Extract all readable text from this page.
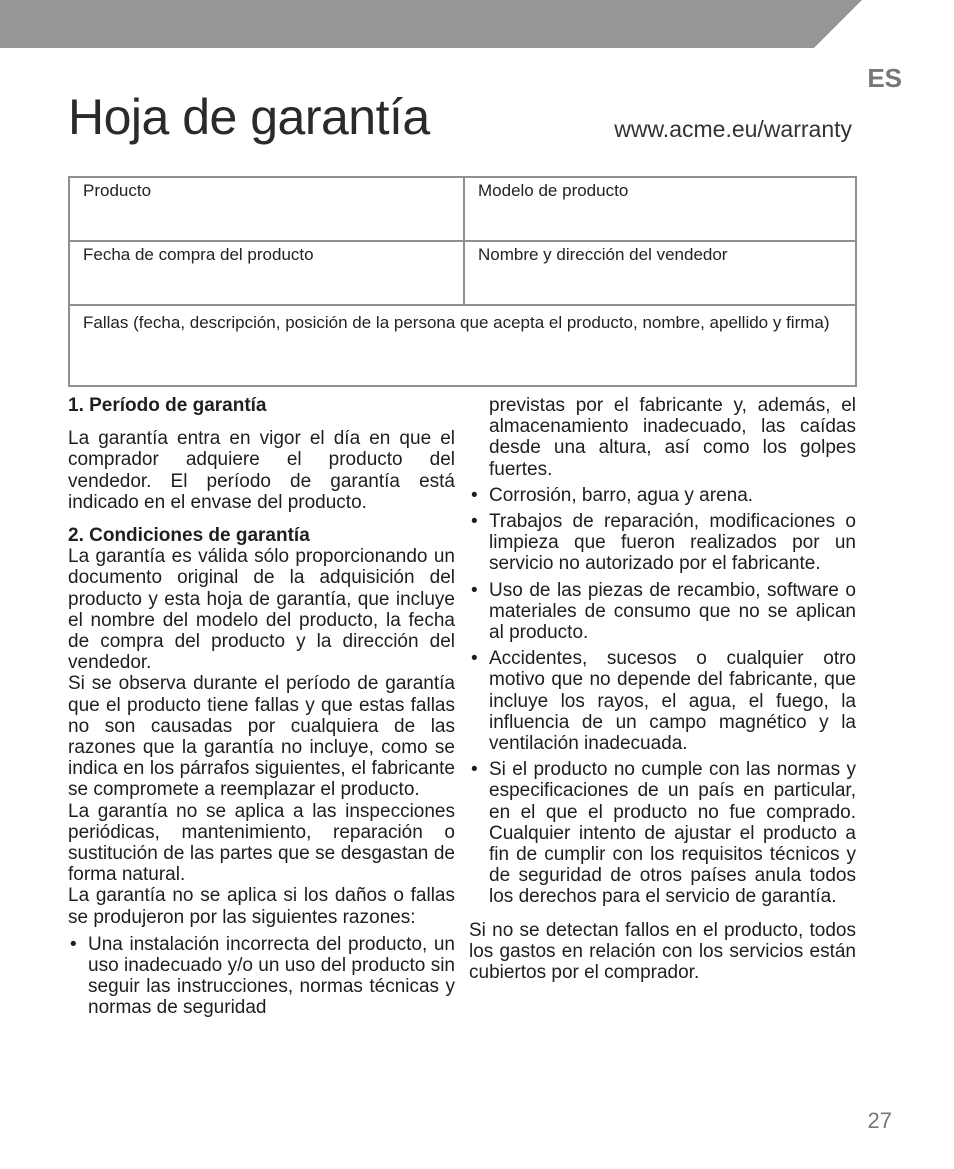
ES
Hoja de garantía	www.acme.eu/warranty
Producto	Modelo de producto
Fecha de compra del producto	Nombre y dirección del vendedor
Fallas (fecha, descripción, posición de la persona que acepta el producto, nombre, apellido y firma)	
1. Período de garantía

La garantía entra en vigor el día en que el comprador adquiere el producto del vendedor. El período de garantía está indicado en el envase del producto.

2. Condiciones de garantía

La garantía es válida sólo proporcionando un documento original de la adquisición del producto y esta hoja de garantía, que incluye el nombre del modelo del producto, la fecha de compra del producto y la dirección del vendedor.

Si se observa durante el período de garantía que el producto tiene fallas y que estas fallas no son causadas por cualquiera de las razones que la garantía no incluye, como se indica en los párrafos siguientes, el fabricante se compromete a reemplazar el producto.

La garantía no se aplica a las inspecciones periódicas, mantenimiento, reparación o sustitución de las partes que se desgastan de forma natural.

La garantía no se aplica si los daños o fallas se produjeron por las siguientes razones:

• Una instalación incorrecta del producto, un uso inadecuado y/o un uso del producto sin seguir las instrucciones, normas técnicas y normas de seguridad
previstas por el fabricante y, además, el almacenamiento inadecuado, las caídas desde una altura, así como los golpes fuertes.
• Corrosión, barro, agua y arena.
• Trabajos de reparación, modificaciones o limpieza que fueron realizados por un servicio no autorizado por el fabricante.
• Uso de las piezas de recambio, software o materiales de consumo que no se aplican al producto.
• Accidentes, sucesos o cualquier otro motivo que no depende del fabricante, que incluye los rayos, el agua, el fuego, la influencia de un campo magnético y la ventilación inadecuada.
• Si el producto no cumple con las normas y especificaciones de un país en particular, en el que el producto no fue comprado. Cualquier intento de ajustar el producto a fin de cumplir con los requisitos técnicos y de seguridad de otros países anula todos los derechos para el servicio de garantía.

Si no se detectan fallos en el producto, todos los gastos en relación con los servicios están cubiertos por el comprador.

27
